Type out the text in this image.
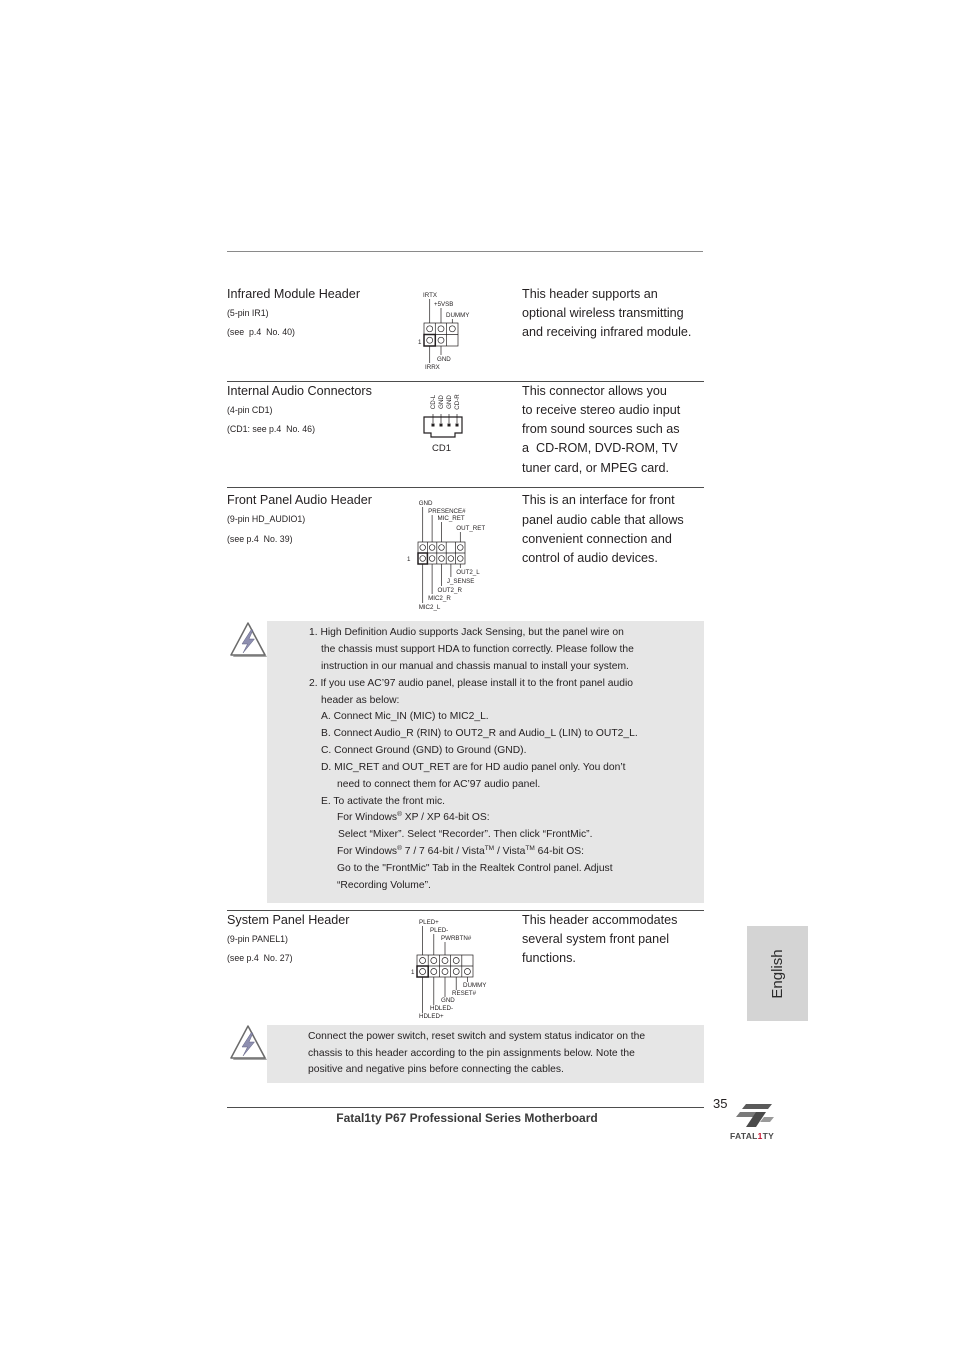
Infrared Module Header
(5-pin IR1)
(see  p.4  No. 40)
This header supports an
optional wireless transmitting
and receiving infrared module.
IRTX
+5VSB
DUMMY
GND
IRRX
1
Internal Audio Connectors
(4-pin CD1)
(CD1: see p.4  No. 46)
This connector allows you
to receive stereo audio input
from sound sources such as
a  CD-ROM, DVD-ROM, TV
tuner card, or MPEG card.
CD-L GND GND CD-R
CD1
Front Panel Audio Header
(9-pin HD_AUDIO1)
(see p.4  No. 39)
This is an interface for front
panel audio cable that allows
convenient connection and
control of audio devices.
GND
PRESENCE#
MIC_RET
OUT_RET
OUT2_L
J_SENSE
OUT2_R
MIC2_R
MIC2_L
1
1. High Definition Audio supports Jack Sensing, but the panel wire on
the chassis must support HDA to function correctly. Please follow the
instruction in our manual and chassis manual to install your system.
2. If you use AC’97 audio panel, please install it to the front panel audio
header as below:
A. Connect Mic_IN (MIC) to MIC2_L.
B. Connect Audio_R (RIN) to OUT2_R and Audio_L (LIN) to OUT2_L.
C. Connect Ground (GND) to Ground (GND).
D. MIC_RET and OUT_RET are for HD audio panel only. You don’t
need to connect them for AC’97 audio panel.
E. To activate the front mic.
For Windows® XP / XP 64-bit OS:
Select “Mixer”. Select “Recorder”. Then click “FrontMic”.
For Windows® 7 / 7 64-bit / Vista™ / Vista™ 64-bit OS:
Go to the "FrontMic" Tab in the Realtek Control panel. Adjust
“Recording Volume”.
System Panel Header
(9-pin PANEL1)
(see p.4  No. 27)
This header accommodates
several system front panel
functions.
PLED+
PLED-
PWRBTN#
DUMMY
RESET#
GND
HDLED-
HDLED+
1
Connect the power switch, reset switch and system status indicator on the
chassis to this header according to the pin assignments below. Note the
positive and negative pins before connecting the cables.
English
35
Fatal1ty P67 Professional Series Motherboard
FATAL1TY
